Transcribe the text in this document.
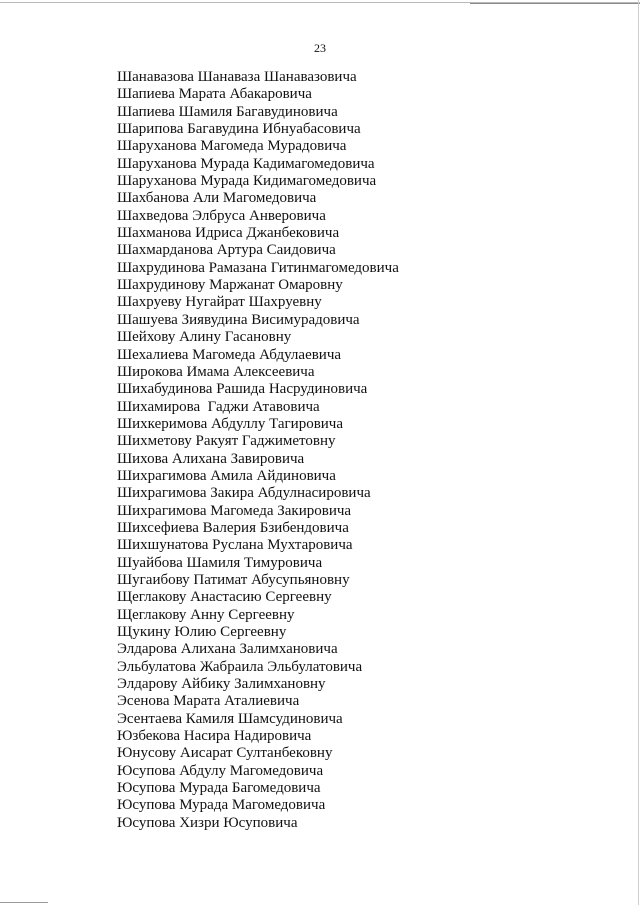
23
Шанавазова Шанаваза Шанавазовича
Шапиева Марата Абакаровича
Шапиева Шамиля Багавудиновича
Шарипова Багавудина Ибнуабасовича
Шаруханова Магомеда Мурадовича
Шаруханова Мурада Кадимагомедовича
Шаруханова Мурада Кидимагомедовича
Шахбанова Али Магомедовича
Шахведова Элбруса Анверовича
Шахманова Идриса Джанбековича
Шахмарданова Артура Саидовича
Шахрудинова Рамазана Гитинмагомедовича
Шахрудинову Маржанат Омаровну
Шахруеву Нугайрат Шахруевну
Шашуева Зиявудина Висимурадовича
Шейхову Алину Гасановну
Шехалиева Магомеда Абдулаевича
Широкова Имама Алексеевича
Шихабудинова Рашида Насрудиновича
Шихамирова  Гаджи Атавовича
Шихкеримова Абдуллу Тагировича
Шихметову Ракуят Гаджиметовну
Шихова Алихана Завировича
Шихрагимова Амила Айдиновича
Шихрагимова Закира Абдулнасировича
Шихрагимова Магомеда Закировича
Шихсефиева Валерия Бзибендовича
Шихшунатова Руслана Мухтаровича
Шуайбова Шамиля Тимуровича
Шугаибову Патимат Абусупьяновну
Щеглакову Анастасию Сергеевну
Щеглакову Анну Сергеевну
Щукину Юлию Сергеевну
Элдарова Алихана Залимхановича
Эльбулатова Жабраила Эльбулатовича
Элдарову Айбику Залимхановну
Эсенова Марата Аталиевича
Эсентаева Камиля Шамсудиновича
Юзбекова Насира Надировича
Юнусову Аисарат Султанбековну
Юсупова Абдулу Магомедовича
Юсупова Мурада Багомедовича
Юсупова Мурада Магомедовича
Юсупова Хизри Юсуповича
